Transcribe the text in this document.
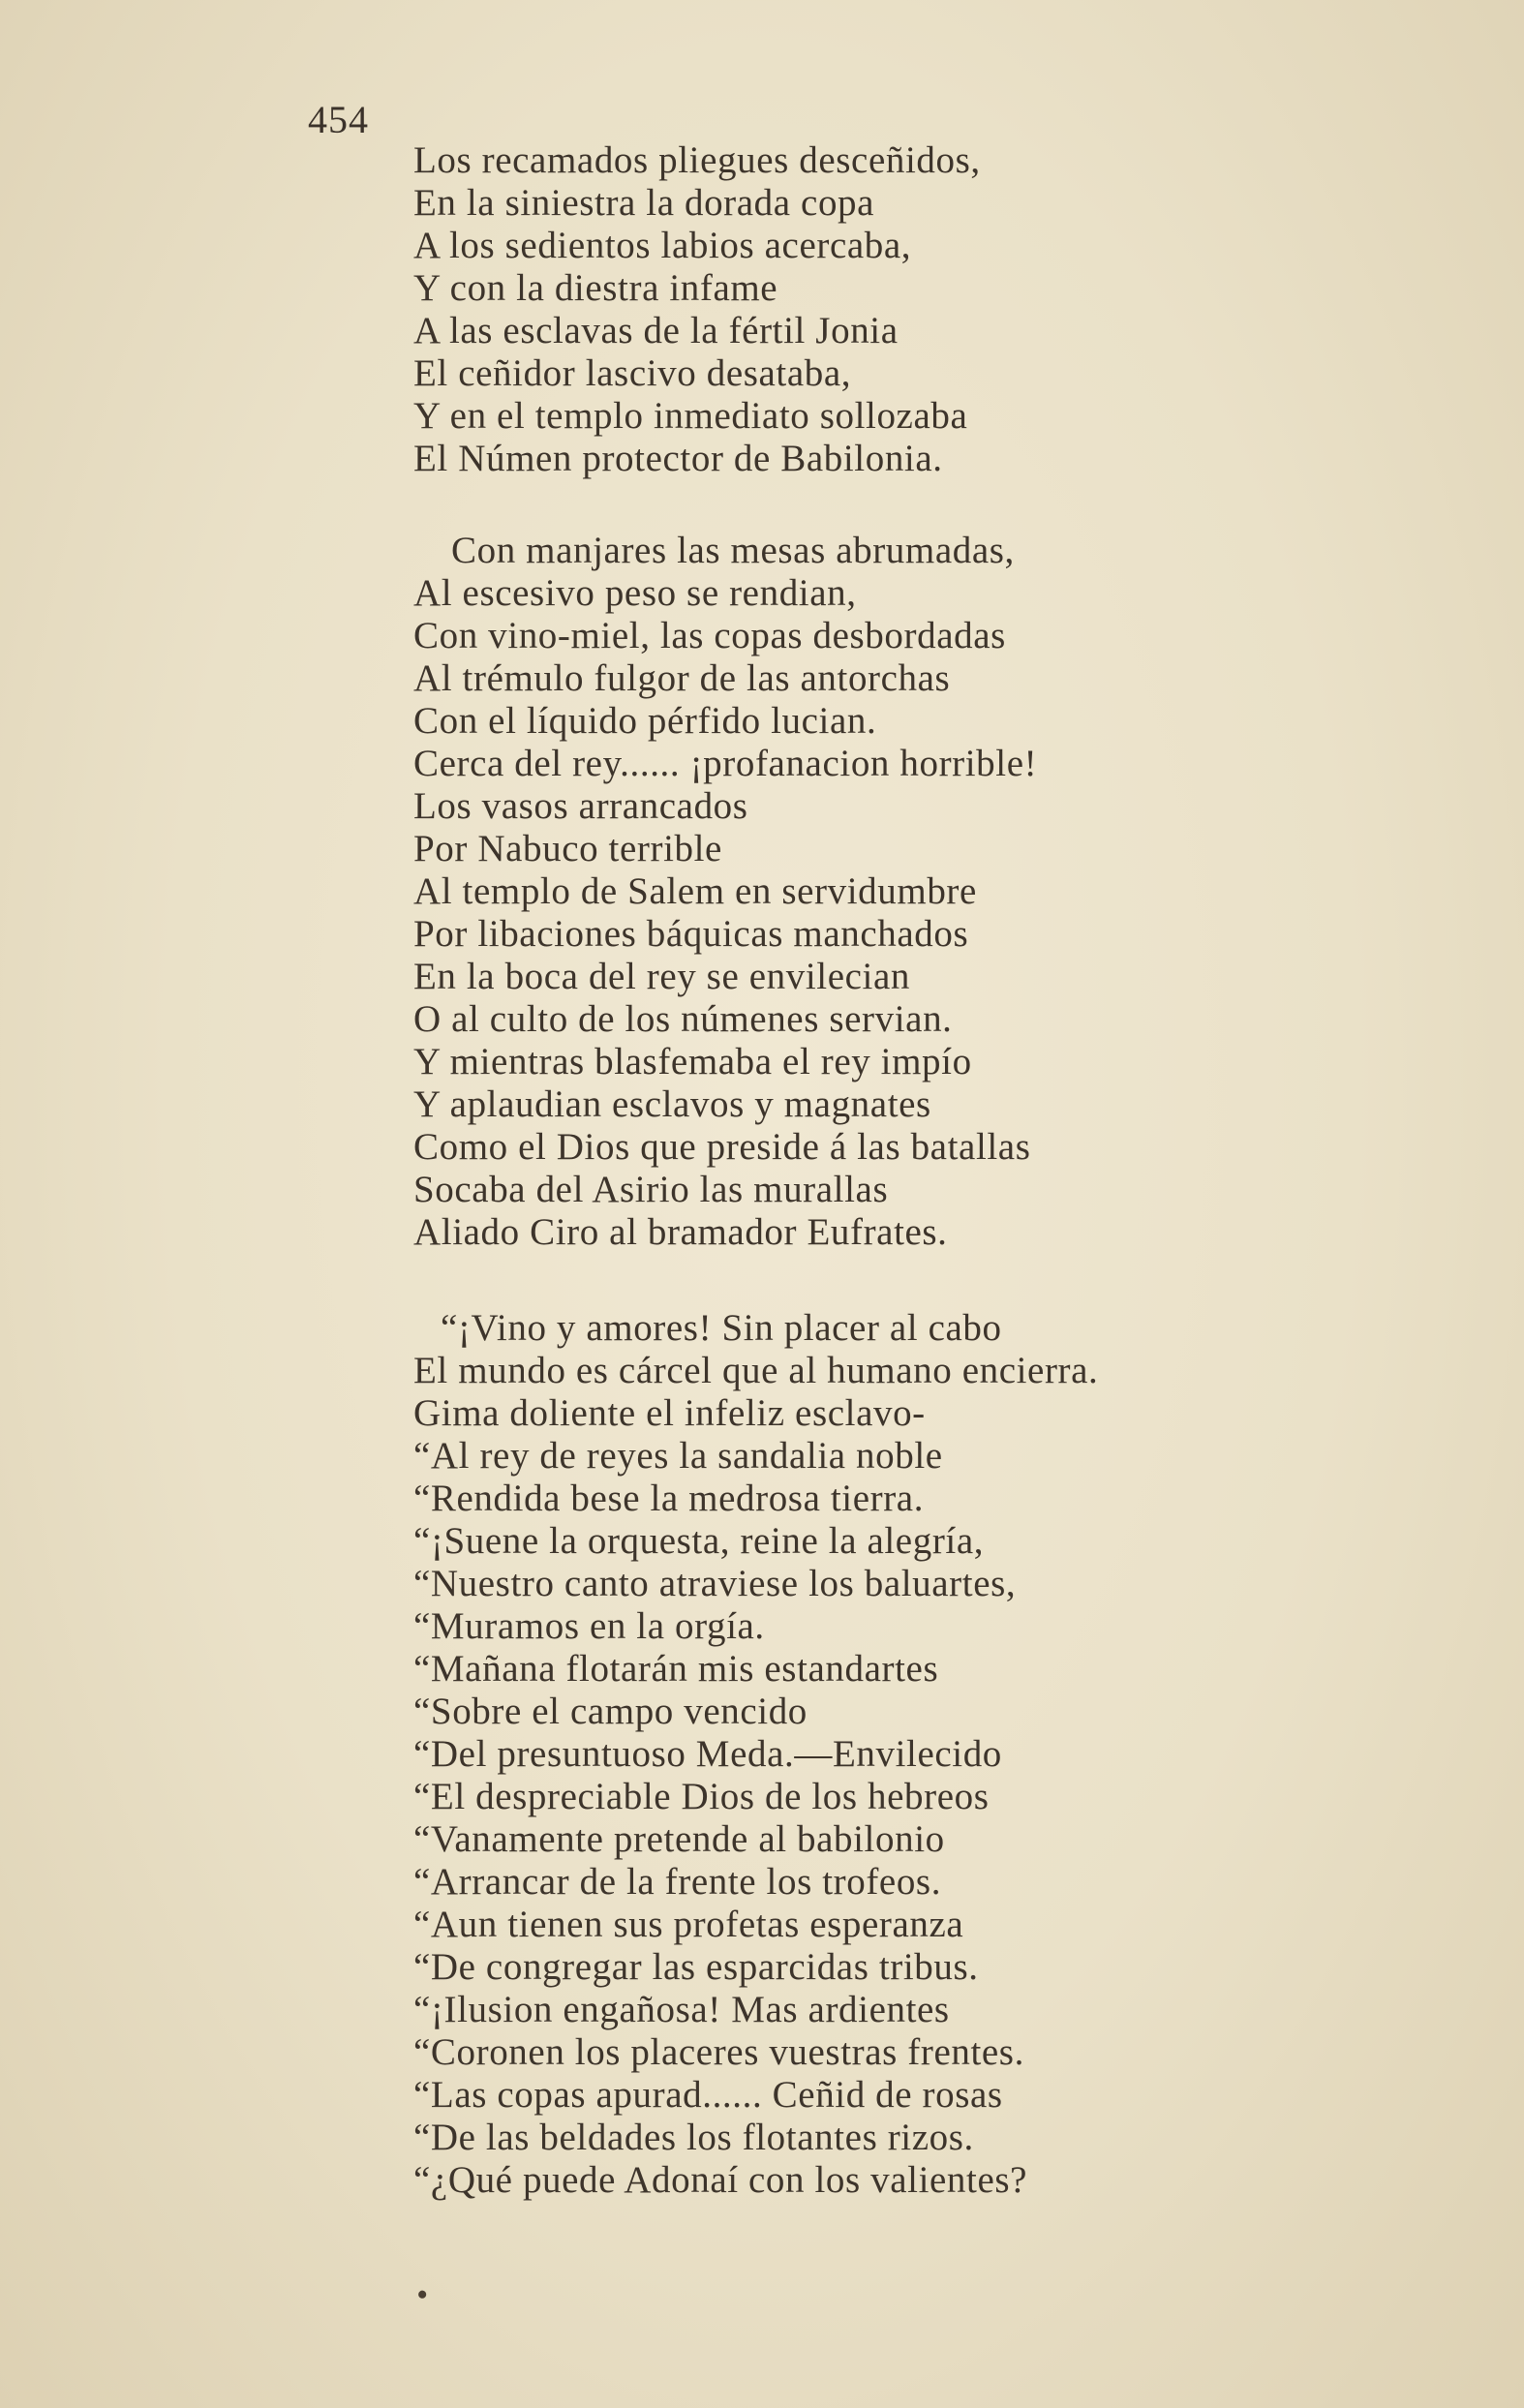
454
Los recamados pliegues desceñidos,
En la siniestra la dorada copa
A los sedientos labios acercaba,
Y con la diestra infame
A las esclavas de la fértil Jonia
El ceñidor lascivo desataba,
Y en el templo inmediato sollozaba
El Númen protector de Babilonia.
Con manjares las mesas abrumadas,
Al escesivo peso se rendian,
Con vino-miel, las copas desbordadas
Al trémulo fulgor de las antorchas
Con el líquido pérfido lucian.
Cerca del rey...... ¡profanacion horrible!
Los vasos arrancados
Por Nabuco terrible
Al templo de Salem en servidumbre
Por libaciones báquicas manchados
En la boca del rey se envilecian
O al culto de los númenes servian.
Y mientras blasfemaba el rey impío
Y aplaudian esclavos y magnates
Como el Dios que preside á las batallas
Socaba del Asirio las murallas
Aliado Ciro al bramador Eufrates.
“¡Vino y amores! Sin placer al cabo
El mundo es cárcel que al humano encierra.
Gima doliente el infeliz esclavo-
“Al rey de reyes la sandalia noble
“Rendida bese la medrosa tierra.
“¡Suene la orquesta, reine la alegría,
“Nuestro canto atraviese los baluartes,
“Muramos en la orgía.
“Mañana flotarán mis estandartes
“Sobre el campo vencido
“Del presuntuoso Meda.—Envilecido
“El despreciable Dios de los hebreos
“Vanamente pretende al babilonio
“Arrancar de la frente los trofeos.
“Aun tienen sus profetas esperanza
“De congregar las esparcidas tribus.
“¡Ilusion engañosa! Mas ardientes
“Coronen los placeres vuestras frentes.
“Las copas apurad...... Ceñid de rosas
“De las beldades los flotantes rizos.
“¿Qué puede Adonaí con los valientes?
•
